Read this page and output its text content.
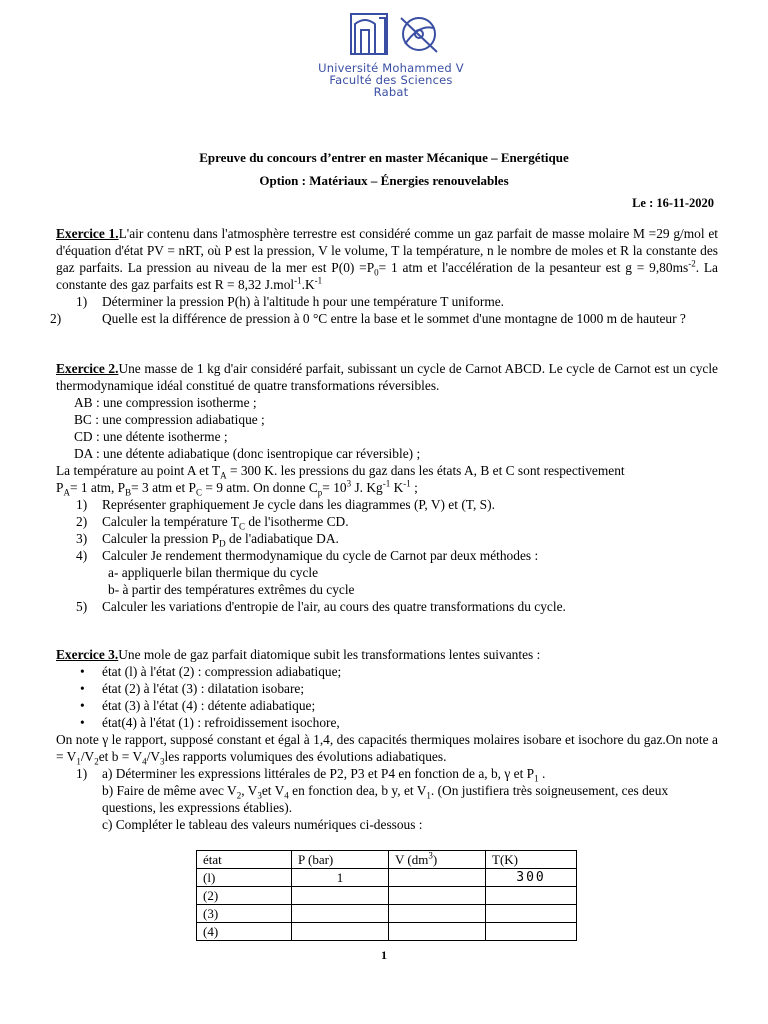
Université Mohammed V
Faculté des Sciences
Rabat
Epreuve du concours d’entrer en master Mécanique – Energétique
Option : Matériaux – Énergies renouvelables
Le : 16-11-2020
Exercice 1.L'air contenu dans l'atmosphère terrestre est considéré comme un gaz parfait de masse molaire M =29 g/mol et d'équation d'état PV = nRT, où P est la pression, V le volume, T la température, n le nombre de moles et R la constante des gaz parfaits. La pression au niveau de la mer est $P(0) =P_0= 1$ atm et l'accélération de la pesanteur est $g = 9,80ms^{-2}$. La constante des gaz parfaits est R = 8,32 $J.mol^{-1}.K^{-1}$
1) Déterminer la pression P(h) à l'altitude h pour une température T uniforme.
2)	Quelle est la différence de pression à 0 °C entre la base et le sommet d'une montagne de 1000 m de hauteur ?
Exercice 2.Une masse de 1 kg d'air considéré parfait, subissant un cycle de Carnot ABCD. Le cycle de Carnot est un cycle thermodynamique idéal constitué de quatre transformations réversibles.
AB : une compression isotherme ;
BC : une compression adiabatique ;
CD : une détente isotherme ;
DA : une détente adiabatique (donc isentropique car réversible) ;
La température au point A et $T_A = 300$ K. les pressions du gaz dans les états A, B et C sont respectivement
$P_A= 1$ atm, $P_B= 3$ atm et $P_C = 9$ atm. On donne $C_p= 10^3$ J. $Kg^{-1}$ $K^{-1}$ ;
1) Représenter graphiquement Je cycle dans les diagrammes (P, V) et (T, S).
2) Calculer la température $T_C$ de l'isotherme CD.
3) Calculer la pression $P_D$ de l'adiabatique DA.
4) Calculer Je rendement thermodynamique du cycle de Carnot par deux méthodes :
a- appliquerle bilan thermique du cycle
b- à partir des températures extrêmes du cycle
5) Calculer les variations d'entropie de l'air, au cours des quatre transformations du cycle.
Exercice 3.Une mole de gaz parfait diatomique subit les transformations lentes suivantes :
• état (l) à l'état (2) : compression adiabatique;
• état (2) à l'état (3) : dilatation isobare;
• état (3) à l'état (4) : détente adiabatique;
• état(4) à l'état (1) : refroidissement isochore,
On note γ le rapport, supposé constant et égal à 1,4, des capacités thermiques molaires isobare et isochore du gaz.On note $a = V_1/V_2et$ $b = V_4/V_3les$ rapports volumiques des évolutions adiabatiques.
1) a) Déterminer les expressions littérales de P2, P3 et P4 en fonction de a, b, γ et $P_1$ .
b) Faire de même avec $V_2$, $V_3et$ $V_4$ en fonction dea, b y, et $V_1$. (On justifiera très soigneusement, ces deux questions, les expressions établies).
c) Compléter le tableau des valeurs numériques ci-dessous :
état	P (bar)	V $(dm^3)$	T(K)
(l)	1		300
(2)			
(3)			
(4)			
1
